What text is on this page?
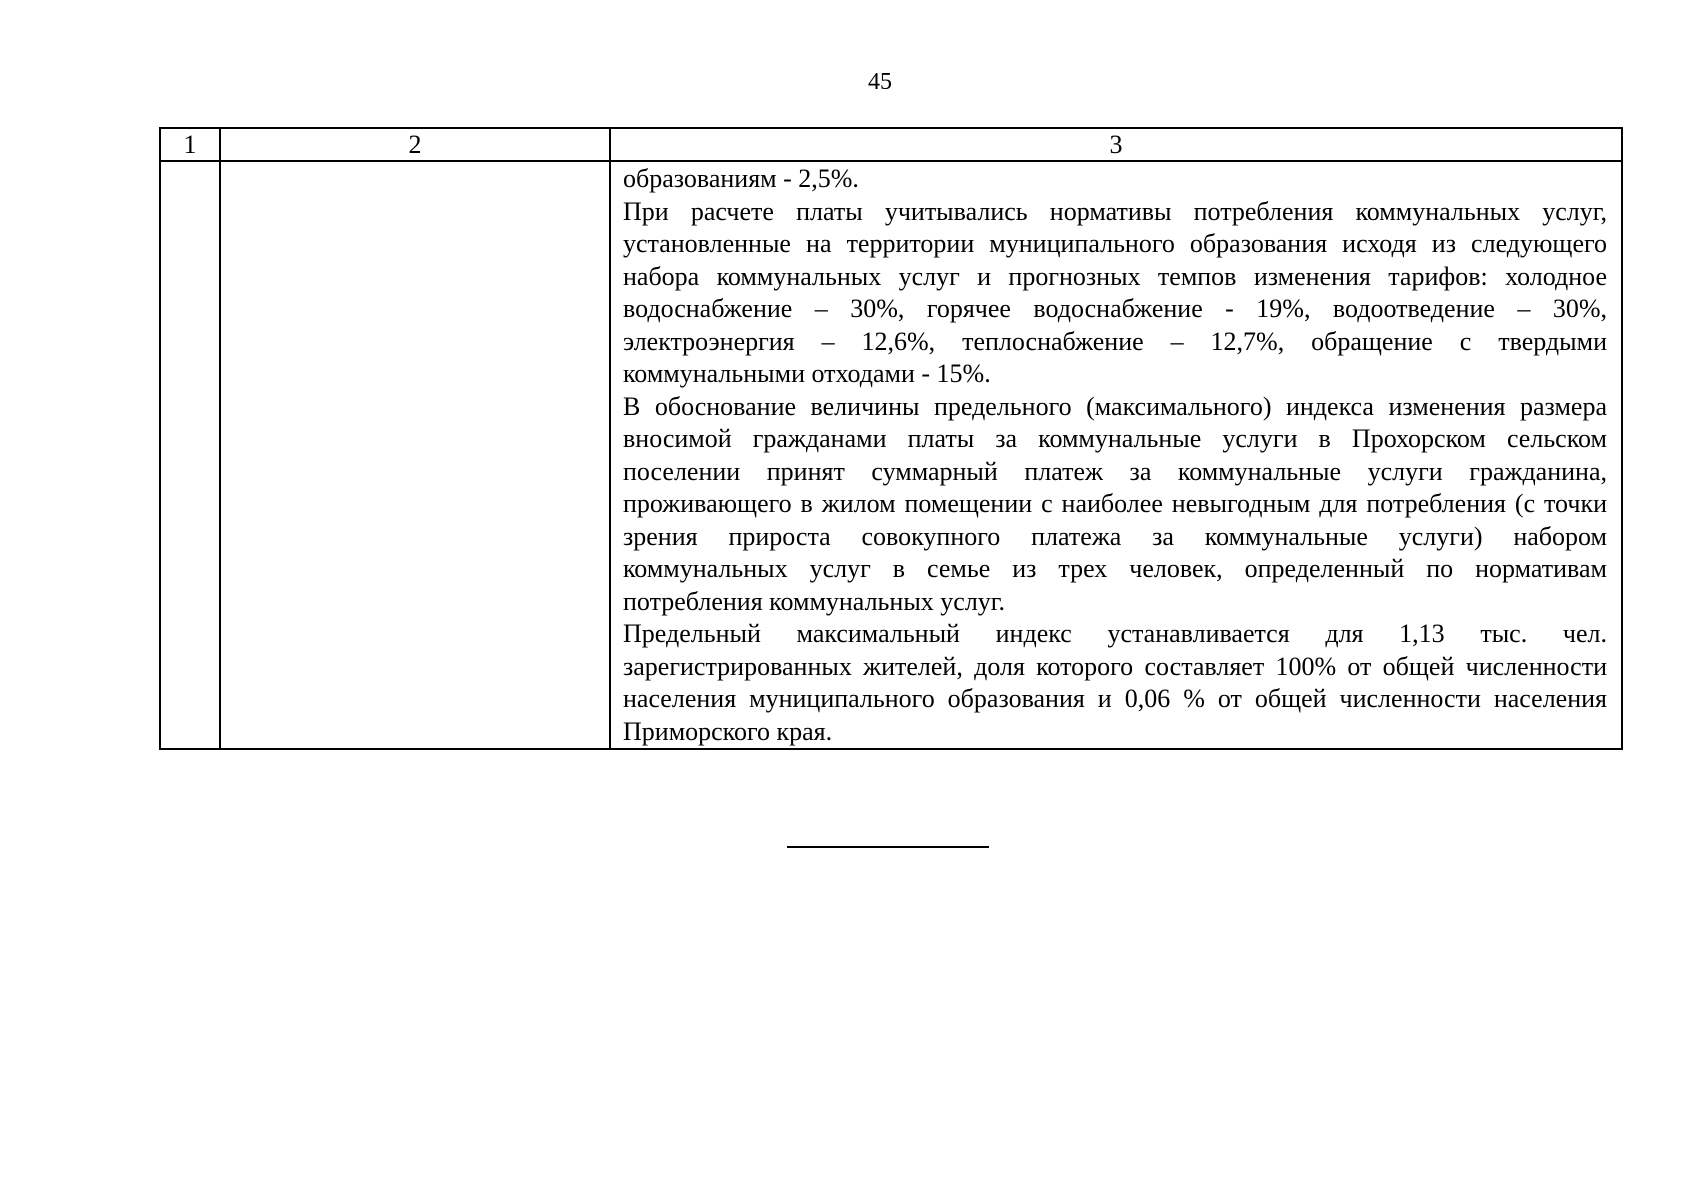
45
1	2	3

		образованиям - 2,5%.

При расчете платы учитывались нормативы потребления коммунальных услуг, установленные на территории муниципального образования исходя из следующего набора коммунальных услуг и прогнозных темпов изменения тарифов: холодное водоснабжение – 30%, горячее водоснабжение - 19%, водоотведение – 30%, электроэнергия – 12,6%, теплоснабжение – 12,7%, обращение с твердыми коммунальными отходами - 15%.

В обоснование величины предельного (максимального) индекса изменения размера вносимой гражданами платы за коммунальные услуги в Прохорском сельском поселении принят суммарный платеж за коммунальные услуги гражданина, проживающего в жилом помещении с наиболее невыгодным для потребления (с точки зрения прироста совокупного платежа за коммунальные услуги) набором коммунальных услуг в семье из трех человек, определенный по нормативам потребления коммунальных услуг.

Предельный максимальный индекс устанавливается для 1,13 тыс. чел. зарегистрированных жителей, доля которого составляет 100% от общей численности населения муниципального образования и 0,06 % от общей численности населения Приморского края.
